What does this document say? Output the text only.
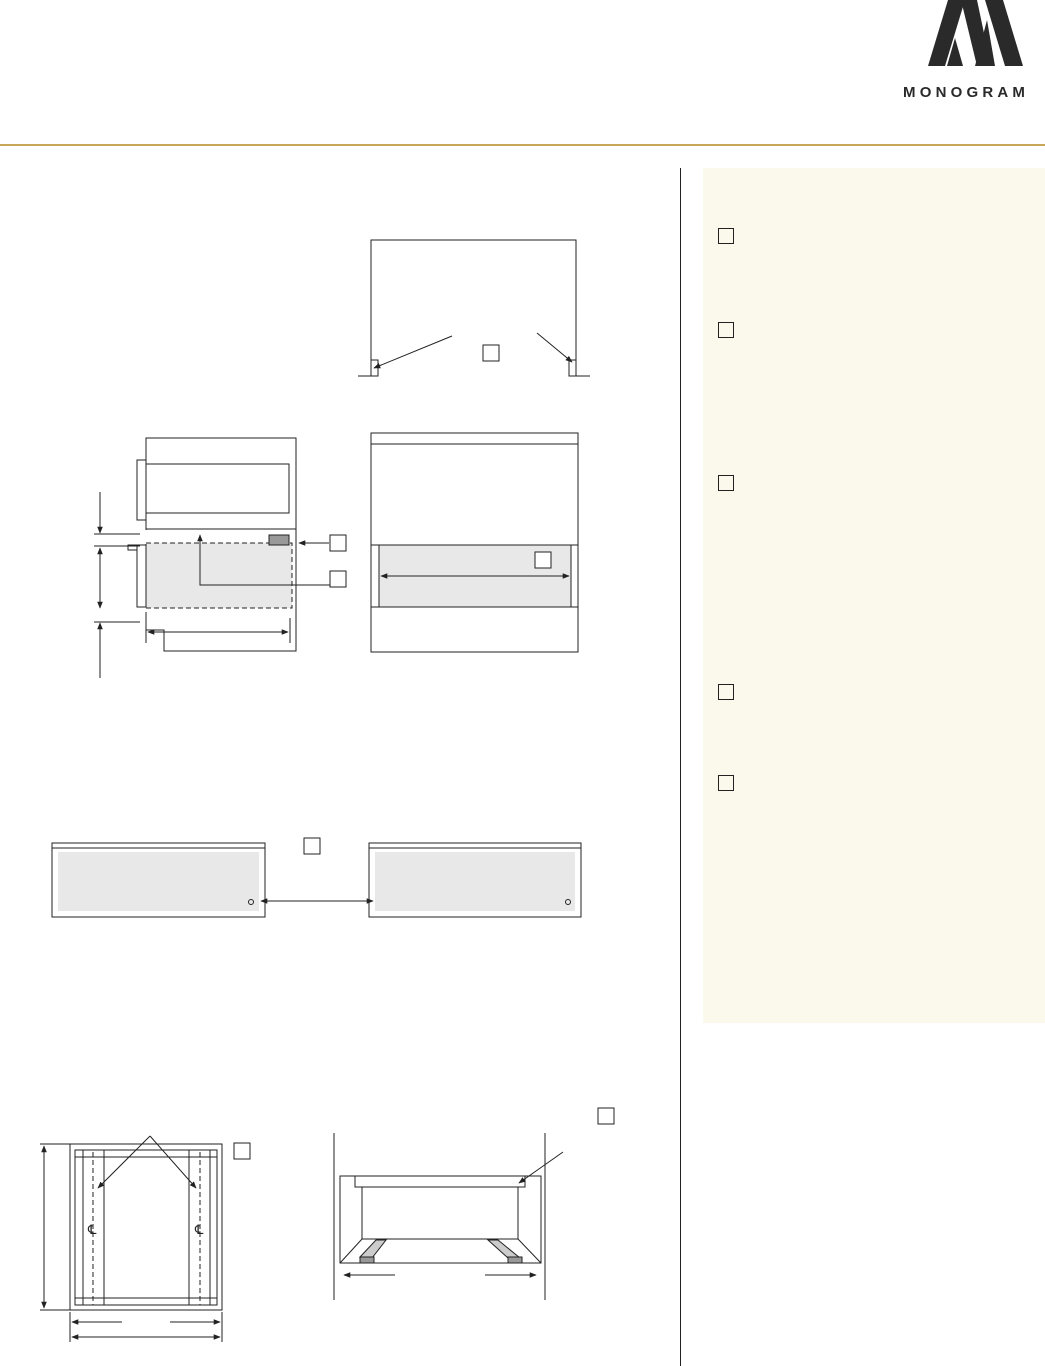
MONOGRAM
℄	℄
